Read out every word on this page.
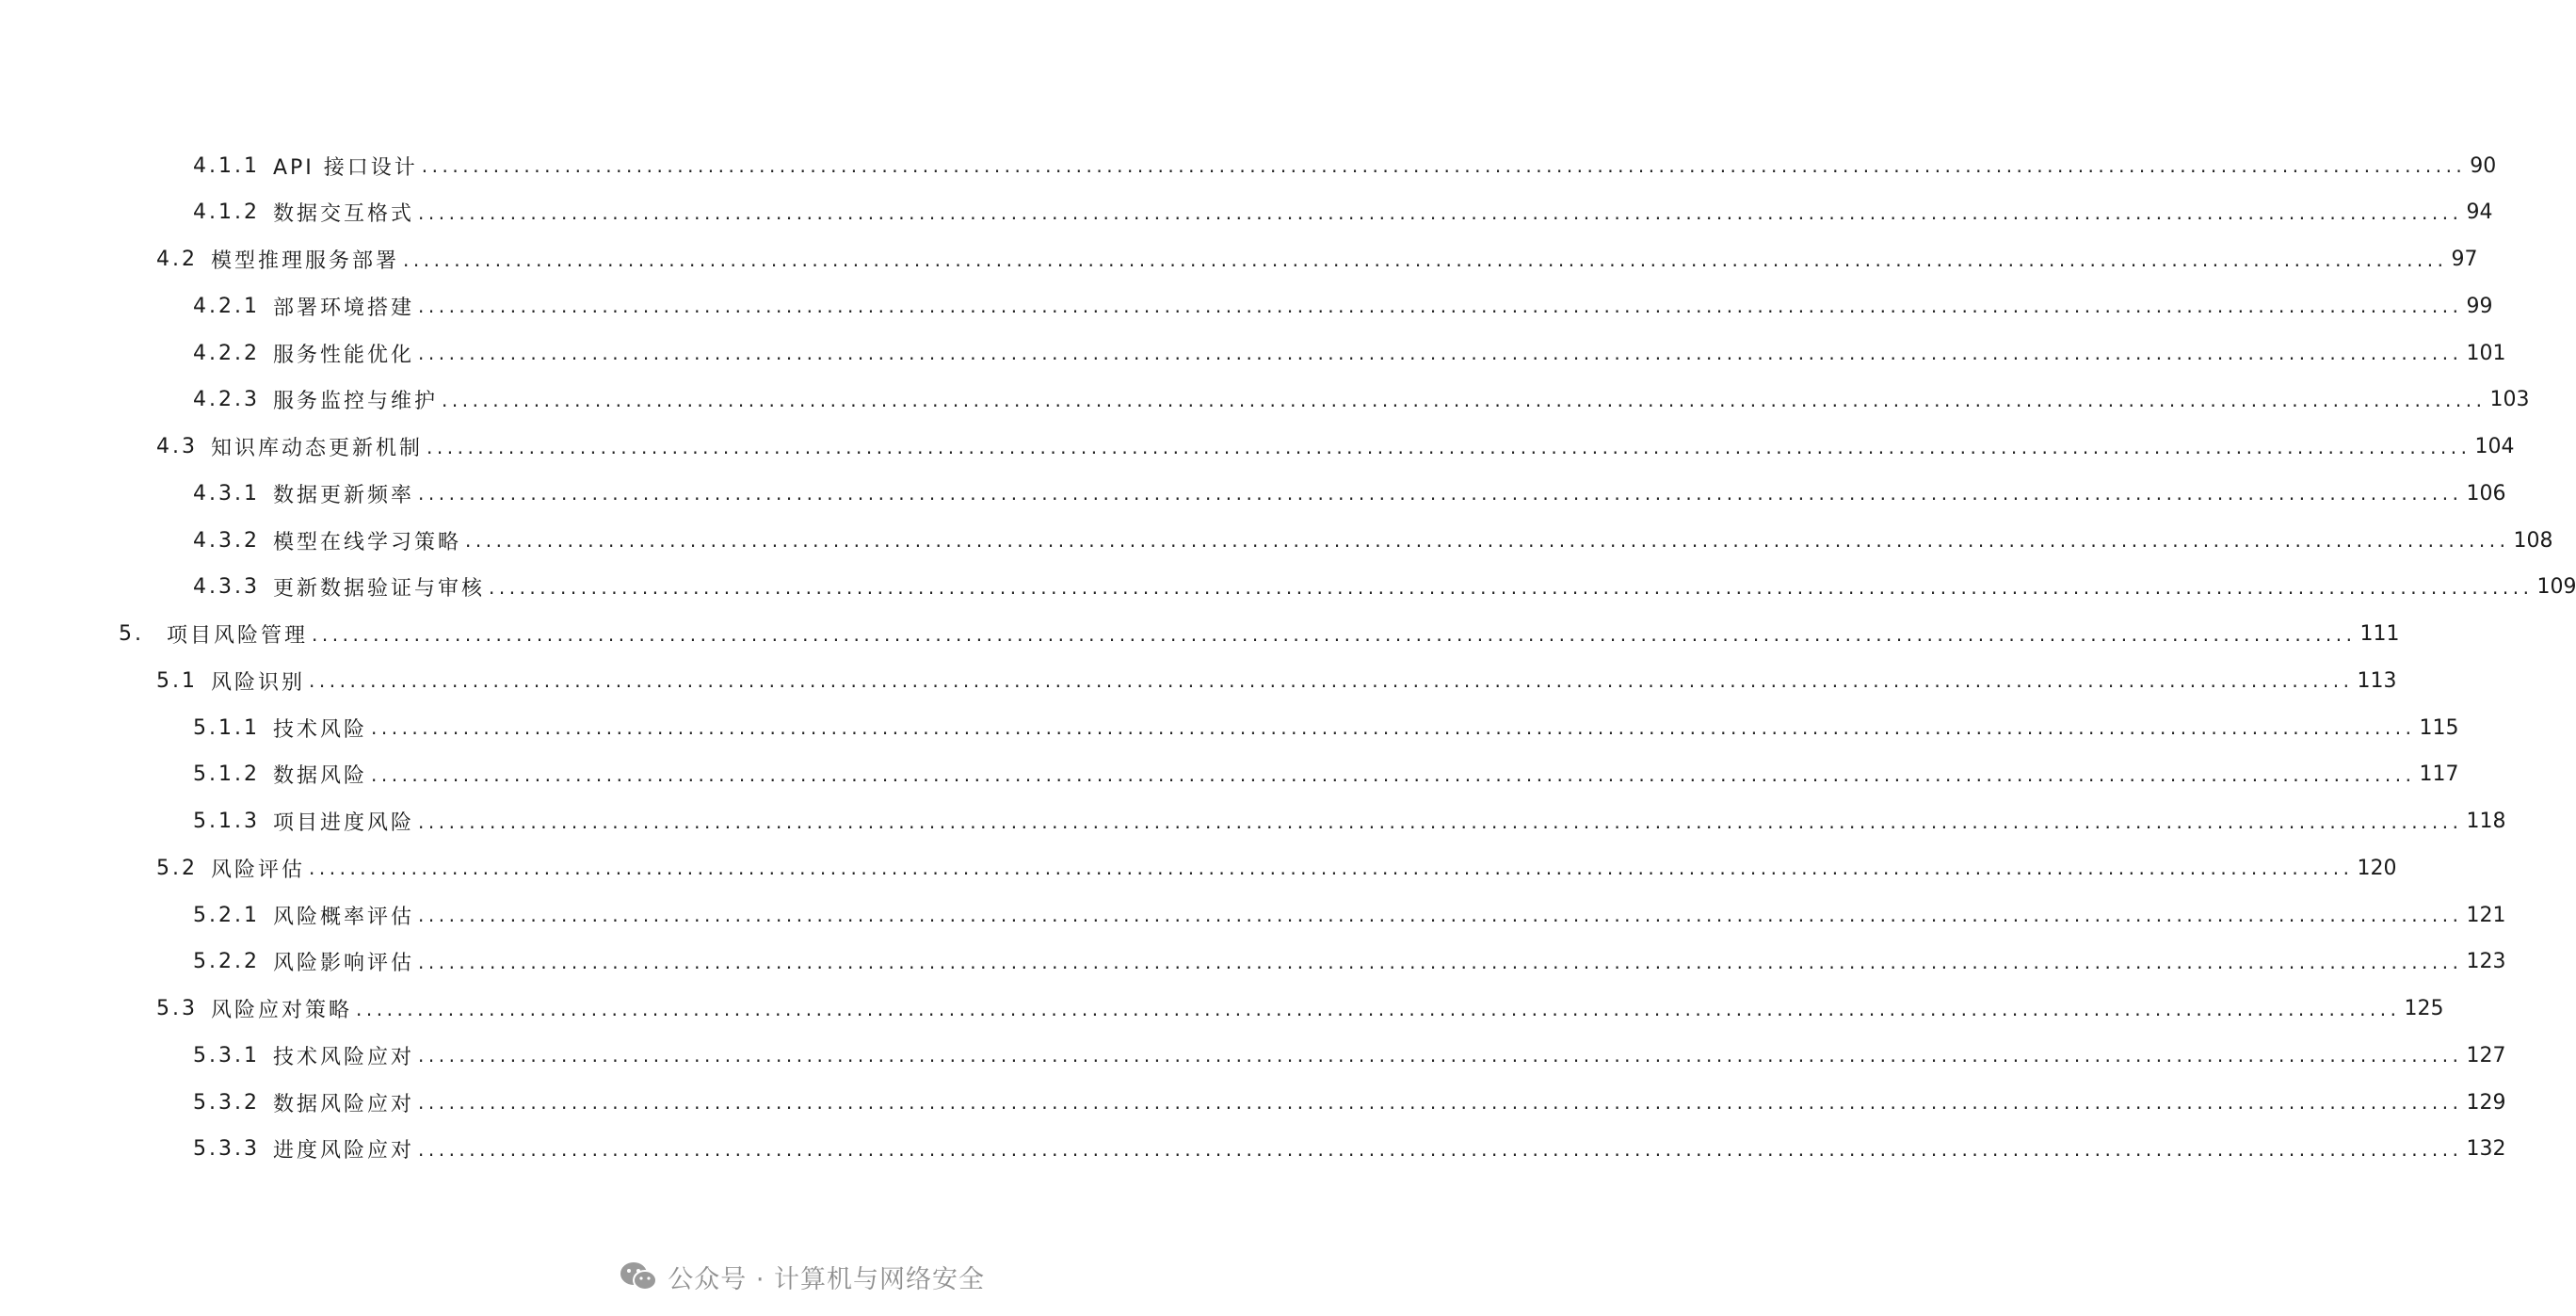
4.1.1 API 接口设计 ........................................................................................................................................................................................................ 90
4.1.2 数据交互格式 ........................................................................................................................................................................................................ 94
4.2 模型推理服务部署 ........................................................................................................................................................................................................ 97
4.2.1 部署环境搭建 ........................................................................................................................................................................................................ 99
4.2.2 服务性能优化 ........................................................................................................................................................................................................ 101
4.2.3 服务监控与维护 ........................................................................................................................................................................................................ 103
4.3 知识库动态更新机制 ........................................................................................................................................................................................................ 104
4.3.1 数据更新频率 ........................................................................................................................................................................................................ 106
4.3.2 模型在线学习策略 ........................................................................................................................................................................................................ 108
4.3.3 更新数据验证与审核 ........................................................................................................................................................................................................ 109
5. 项目风险管理 ........................................................................................................................................................................................................ 111
5.1 风险识别 ........................................................................................................................................................................................................ 113
5.1.1 技术风险 ........................................................................................................................................................................................................ 115
5.1.2 数据风险 ........................................................................................................................................................................................................ 117
5.1.3 项目进度风险 ........................................................................................................................................................................................................ 118
5.2 风险评估 ........................................................................................................................................................................................................ 120
5.2.1 风险概率评估 ........................................................................................................................................................................................................ 121
5.2.2 风险影响评估 ........................................................................................................................................................................................................ 123
5.3 风险应对策略 ........................................................................................................................................................................................................ 125
5.3.1 技术风险应对 ........................................................................................................................................................................................................ 127
5.3.2 数据风险应对 ........................................................................................................................................................................................................ 129
5.3.3 进度风险应对 ........................................................................................................................................................................................................ 132
公众号 · 计算机与网络安全
